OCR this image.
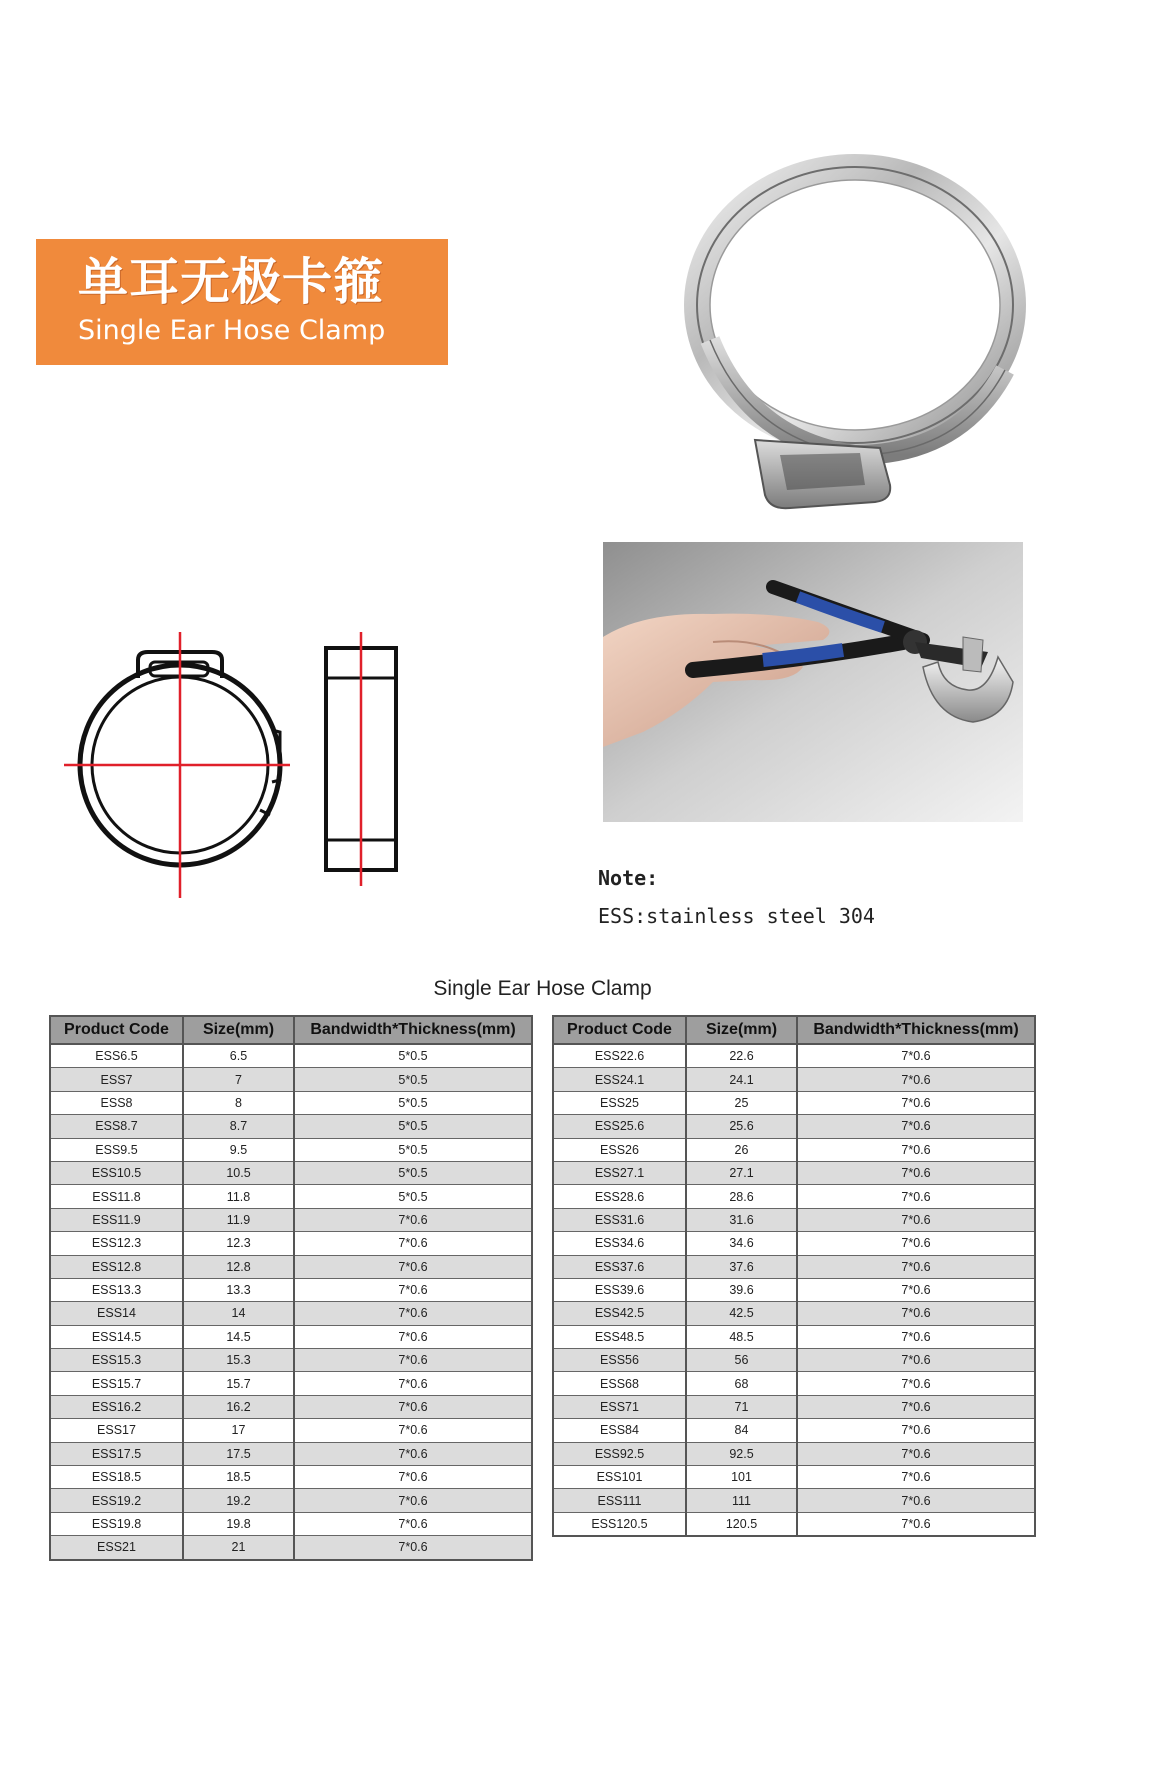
单耳无极卡箍
Single Ear Hose Clamp
Note:
ESS:stainless steel 304
Single Ear Hose Clamp
Product Code	Size(mm)	Bandwidth*Thickness(mm)
ESS6.5	6.5	5*0.5
ESS7	7	5*0.5
ESS8	8	5*0.5
ESS8.7	8.7	5*0.5
ESS9.5	9.5	5*0.5
ESS10.5	10.5	5*0.5
ESS11.8	11.8	5*0.5
ESS11.9	11.9	7*0.6
ESS12.3	12.3	7*0.6
ESS12.8	12.8	7*0.6
ESS13.3	13.3	7*0.6
ESS14	14	7*0.6
ESS14.5	14.5	7*0.6
ESS15.3	15.3	7*0.6
ESS15.7	15.7	7*0.6
ESS16.2	16.2	7*0.6
ESS17	17	7*0.6
ESS17.5	17.5	7*0.6
ESS18.5	18.5	7*0.6
ESS19.2	19.2	7*0.6
ESS19.8	19.8	7*0.6
ESS21	21	7*0.6
Product Code	Size(mm)	Bandwidth*Thickness(mm)
ESS22.6	22.6	7*0.6
ESS24.1	24.1	7*0.6
ESS25	25	7*0.6
ESS25.6	25.6	7*0.6
ESS26	26	7*0.6
ESS27.1	27.1	7*0.6
ESS28.6	28.6	7*0.6
ESS31.6	31.6	7*0.6
ESS34.6	34.6	7*0.6
ESS37.6	37.6	7*0.6
ESS39.6	39.6	7*0.6
ESS42.5	42.5	7*0.6
ESS48.5	48.5	7*0.6
ESS56	56	7*0.6
ESS68	68	7*0.6
ESS71	71	7*0.6
ESS84	84	7*0.6
ESS92.5	92.5	7*0.6
ESS101	101	7*0.6
ESS111	111	7*0.6
ESS120.5	120.5	7*0.6
